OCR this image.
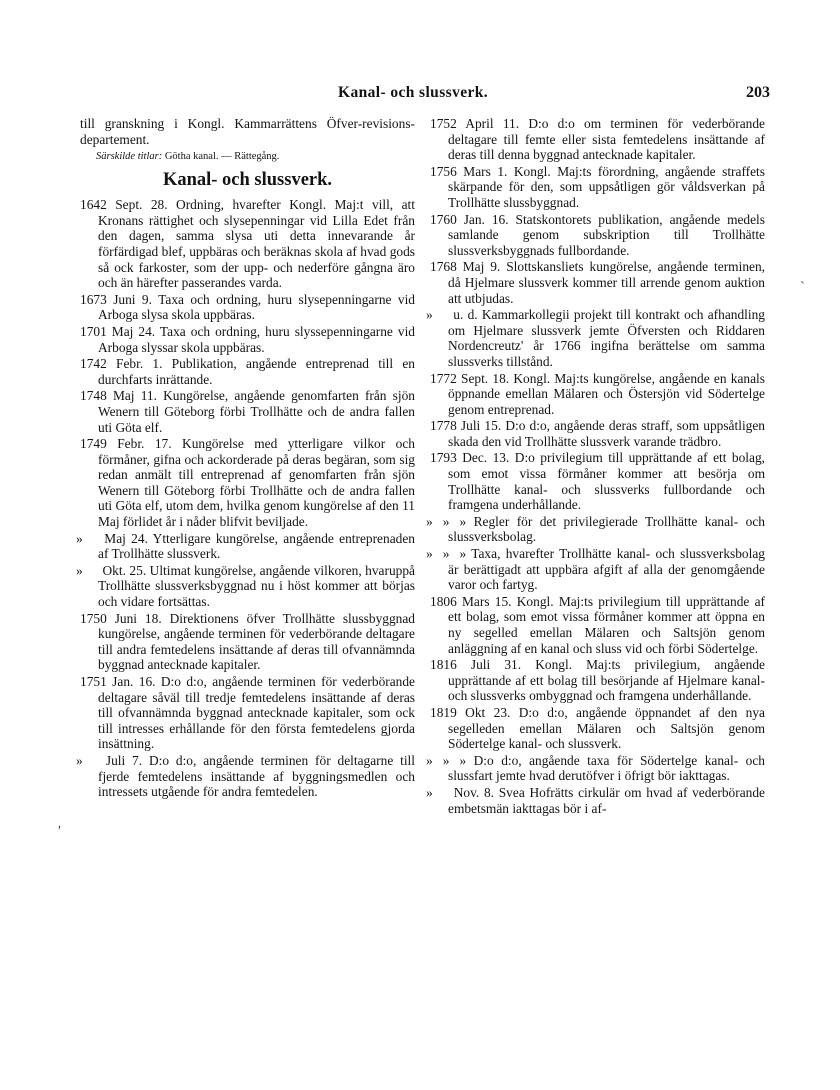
Kanal- och slussverk.	203

till granskning i Kongl. Kammarrättens Öfver-revisions-departement.

Särskilde titlar: Götha kanal. — Rättegång.
Kanal- och slussverk.

1642 Sept. 28. Ordning, hvarefter Kongl. Maj:t vill, att Kronans rättighet och slysepenningar vid Lilla Edet från den dagen, samma slysa uti detta innevarande år förfärdigad blef, uppbäras och beräknas skola af hvad gods så ock farkoster, som der upp- och nederföre gångna äro och än härefter passerandes varda.

1673 Juni 9. Taxa och ordning, huru slysepenningarne vid Arboga slysa skola uppbäras.

1701 Maj 24. Taxa och ordning, huru slyssepenningarne vid Arboga slyssar skola uppbäras.

1742 Febr. 1. Publikation, angående entreprenad till en durchfarts inrättande.

1748 Maj 11. Kungörelse, angående genomfarten från sjön Wenern till Göteborg förbi Trollhätte och de andra fallen uti Göta elf.

1749 Febr. 17. Kungörelse med ytterligare vilkor och förmåner, gifna och ackorderade på deras begäran, som sig redan anmält till entreprenad af genomfarten från sjön Wenern till Göteborg förbi Trollhätte och de andra fallen uti Göta elf, utom dem, hvilka genom kungörelse af den 11 Maj förlidet år i nåder blifvit beviljade.

» Maj 24. Ytterligare kungörelse, angående entreprenaden af Trollhätte slussverk.

» Okt. 25. Ultimat kungörelse, angående vilkoren, hvaruppå Trollhätte slussverksbyggnad nu i höst kommer att börjas och vidare fortsättas.

1750 Juni 18. Direktionens öfver Trollhätte slussbyggnad kungörelse, angående terminen för vederbörande deltagare till andra femtedelens insättande af deras till ofvannämnda byggnad antecknade kapitaler.

1751 Jan. 16. D:o d:o, angående terminen för vederbörande deltagare såväl till tredje femtedelens insättande af deras till ofvannämnda byggnad antecknade kapitaler, som ock till intresses erhållande för den första femtedelens gjorda insättning.

» Juli 7. D:o d:o, angående terminen för deltagarne till fjerde femtedelens insättande af byggningsmedlen och intressets utgående för andra femtedelen.

1752 April 11. D:o d:o om terminen för vederbörande deltagare till femte eller sista femtedelens insättande af deras till denna byggnad antecknade kapitaler.

1756 Mars 1. Kongl. Maj:ts förordning, angående straffets skärpande för den, som uppsåtligen gör våldsverkan på Trollhätte slussbyggnad.

1760 Jan. 16. Statskontorets publikation, angående medels samlande genom subskription till Trollhätte slussverksbyggnads fullbordande.

1768 Maj 9. Slottskansliets kungörelse, angående terminen, då Hjelmare slussverk kommer till arrende genom auktion att utbjudas.

» u. d. Kammarkollegii projekt till kontrakt och afhandling om Hjelmare slussverk jemte Öfversten och Riddaren Nordencreutz' år 1766 ingifna berättelse om samma slussverks tillstånd.

1772 Sept. 18. Kongl. Maj:ts kungörelse, angående en kanals öppnande emellan Mälaren och Östersjön vid Södertelge genom entreprenad.

1778 Juli 15. D:o d:o, angående deras straff, som uppsåtligen skada den vid Trollhätte slussverk varande trädbro.

1793 Dec. 13. D:o privilegium till upprättande af ett bolag, som emot vissa förmåner kommer att besörja om Trollhätte kanal- och slussverks fullbordande och framgena underhållande.

»   »   » Regler för det privilegierade Trollhätte kanal- och slussverksbolag.

»   »   » Taxa, hvarefter Trollhätte kanal- och slussverksbolag är berättigadt att uppbära afgift af alla der genomgående varor och fartyg.

1806 Mars 15. Kongl. Maj:ts privilegium till upprättande af ett bolag, som emot vissa förmåner kommer att öppna en ny segelled emellan Mälaren och Saltsjön genom anläggning af en kanal och sluss vid och förbi Södertelge.

1816 Juli 31. Kongl. Maj:ts privilegium, angående upprättande af ett bolag till besörjande af Hjelmare kanal- och slussverks ombyggnad och framgena underhållande.

1819 Okt 23. D:o d:o, angående öppnandet af den nya segelleden emellan Mälaren och Saltsjön genom Södertelge kanal- och slussverk.

»   »   » D:o d:o, angående taxa för Södertelge kanal- och slussfart jemte hvad derutöfver i öfrigt bör iakttagas.

» Nov. 8. Svea Hofrätts cirkulär om hvad af vederbörande embetsmän iakttagas bör i af-

′
`
